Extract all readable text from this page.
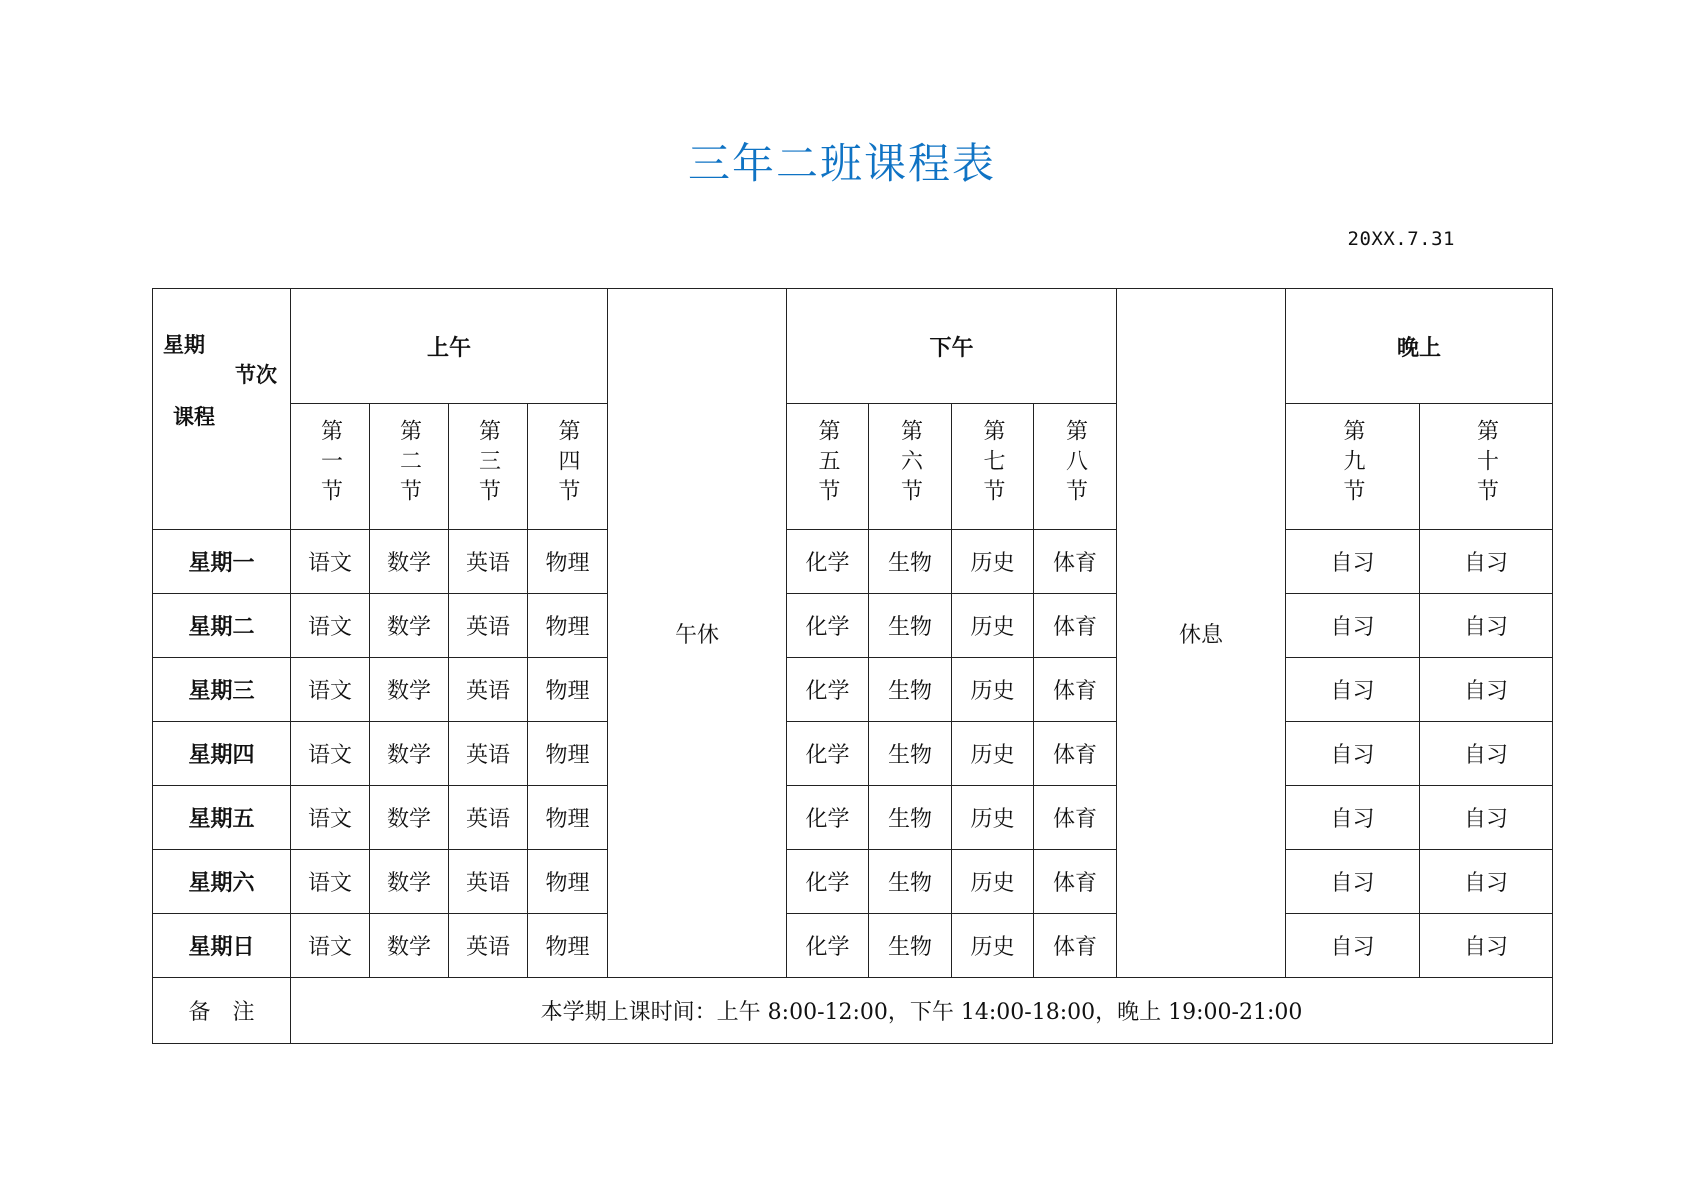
三年二班课程表
20XX.7.31
星期
节次
课程	上午				午休	下午				休息	晚上	
	第一节	第二节	第三节	第四节		第五节	第六节	第七节	第八节		第九节	第十节
星期一	语文	数学	英语	物理		化学	生物	历史	体育		自习	自习
星期二	语文	数学	英语	物理		化学	生物	历史	体育		自习	自习
星期三	语文	数学	英语	物理		化学	生物	历史	体育		自习	自习
星期四	语文	数学	英语	物理		化学	生物	历史	体育		自习	自习
星期五	语文	数学	英语	物理		化学	生物	历史	体育		自习	自习
星期六	语文	数学	英语	物理		化学	生物	历史	体育		自习	自习
星期日	语文	数学	英语	物理		化学	生物	历史	体育		自习	自习
备　注	本学期上课时间：上午 8:00-12:00，下午 14:00-18:00，晚上 19:00-21:00											
